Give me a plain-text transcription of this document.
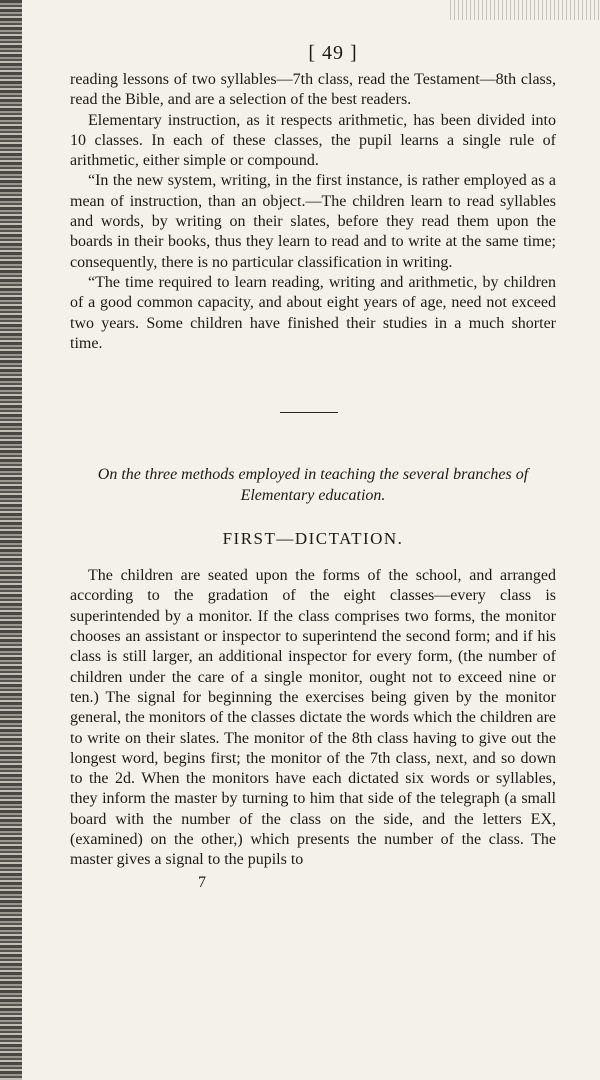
[ 49 ]

reading lessons of two syllables—7th class, read the Testament—8th class, read the Bible, and are a selection of the best readers.

Elementary instruction, as it respects arithmetic, has been divided into 10 classes. In each of these classes, the pupil learns a single rule of arithmetic, either simple or compound.

“In the new system, writing, in the first instance, is rather employed as a mean of instruction, than an object.—The children learn to read syllables and words, by writing on their slates, before they read them upon the boards in their books, thus they learn to read and to write at the same time; consequently, there is no particular classification in writing.

“The time required to learn reading, writing and arithmetic, by children of a good common capacity, and about eight years of age, need not exceed two years. Some children have finished their studies in a much shorter time.

On the three methods employed in teaching the several branches of Elementary education.
FIRST—DICTATION.

The children are seated upon the forms of the school, and arranged according to the gradation of the eight classes—every class is superintended by a monitor. If the class comprises two forms, the monitor chooses an assistant or inspector to superintend the second form; and if his class is still larger, an additional inspector for every form, (the number of children under the care of a single monitor, ought not to exceed nine or ten.) The signal for beginning the exercises being given by the monitor general, the monitors of the classes dictate the words which the children are to write on their slates. The monitor of the 8th class having to give out the longest word, begins first; the monitor of the 7th class, next, and so down to the 2d. When the monitors have each dictated six words or syllables, they inform the master by turning to him that side of the telegraph (a small board with the number of the class on the side, and the letters EX, (examined) on the other,) which presents the number of the class. The master gives a signal to the pupils to

7
